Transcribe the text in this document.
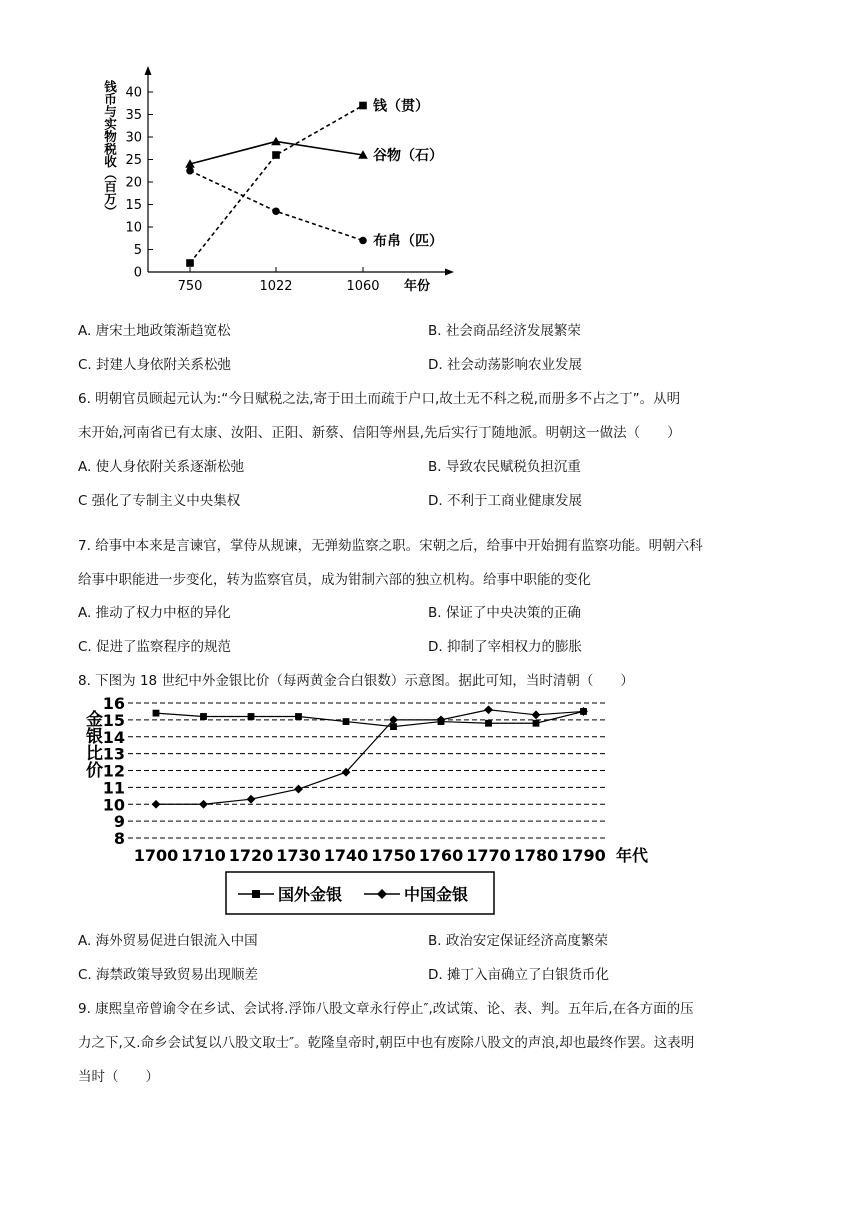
0
5
10
15
20
25
30
35
40
750	1022	1060
钱（贯）
谷物（石）
布帛（匹）
年份
钱币与实物税收（百万）
A. 唐宋土地政策渐趋宽松	B. 社会商品经济发展繁荣
C. 封建人身依附关系松弛	D. 社会动荡影响农业发展
6. 明朝官员顾起元认为:“今日赋税之法,寄于田土而疏于户口,故土无不科之税,而册多不占之丁”。从明
末开始,河南省已有太康、汝阳、正阳、新蔡、信阳等州县,先后实行丁随地派。明朝这一做法（　　）
A. 使人身依附关系逐渐松弛	B. 导致农民赋税负担沉重
C 强化了专制主义中央集权	D. 不利于工商业健康发展
7. 给事中本来是言谏官，掌侍从规谏，无弹劾监察之职。宋朝之后，给事中开始拥有监察功能。明朝六科
给事中职能进一步变化，转为监察官员，成为钳制六部的独立机构。给事中职能的变化
A. 推动了权力中枢的异化	B. 保证了中央决策的正确
C. 促进了监察程序的规范	D. 抑制了宰相权力的膨胀
8. 下图为 18 世纪中外金银比价（每两黄金合白银数）示意图。据此可知，当时清朝（　　）
8
9
10
11
12
13
14
15
16
1700 1710 1720 1730 1740 1750 1760 1770 1780 1790
金银比价
年代
国外金银	中国金银
A. 海外贸易促进白银流入中国	B. 政治安定保证经济高度繁荣
C. 海禁政策导致贸易出现顺差	D. 摊丁入亩确立了白银货币化
9. 康熙皇帝曾谕令在乡试、会试将.浮饰八股文章永行停止″,改试策、论、表、判。五年后,在各方面的压
力之下,又.命乡会试复以八股文取士″。乾隆皇帝时,朝臣中也有废除八股文的声浪,却也最终作罢。这表明
当时（　　）
